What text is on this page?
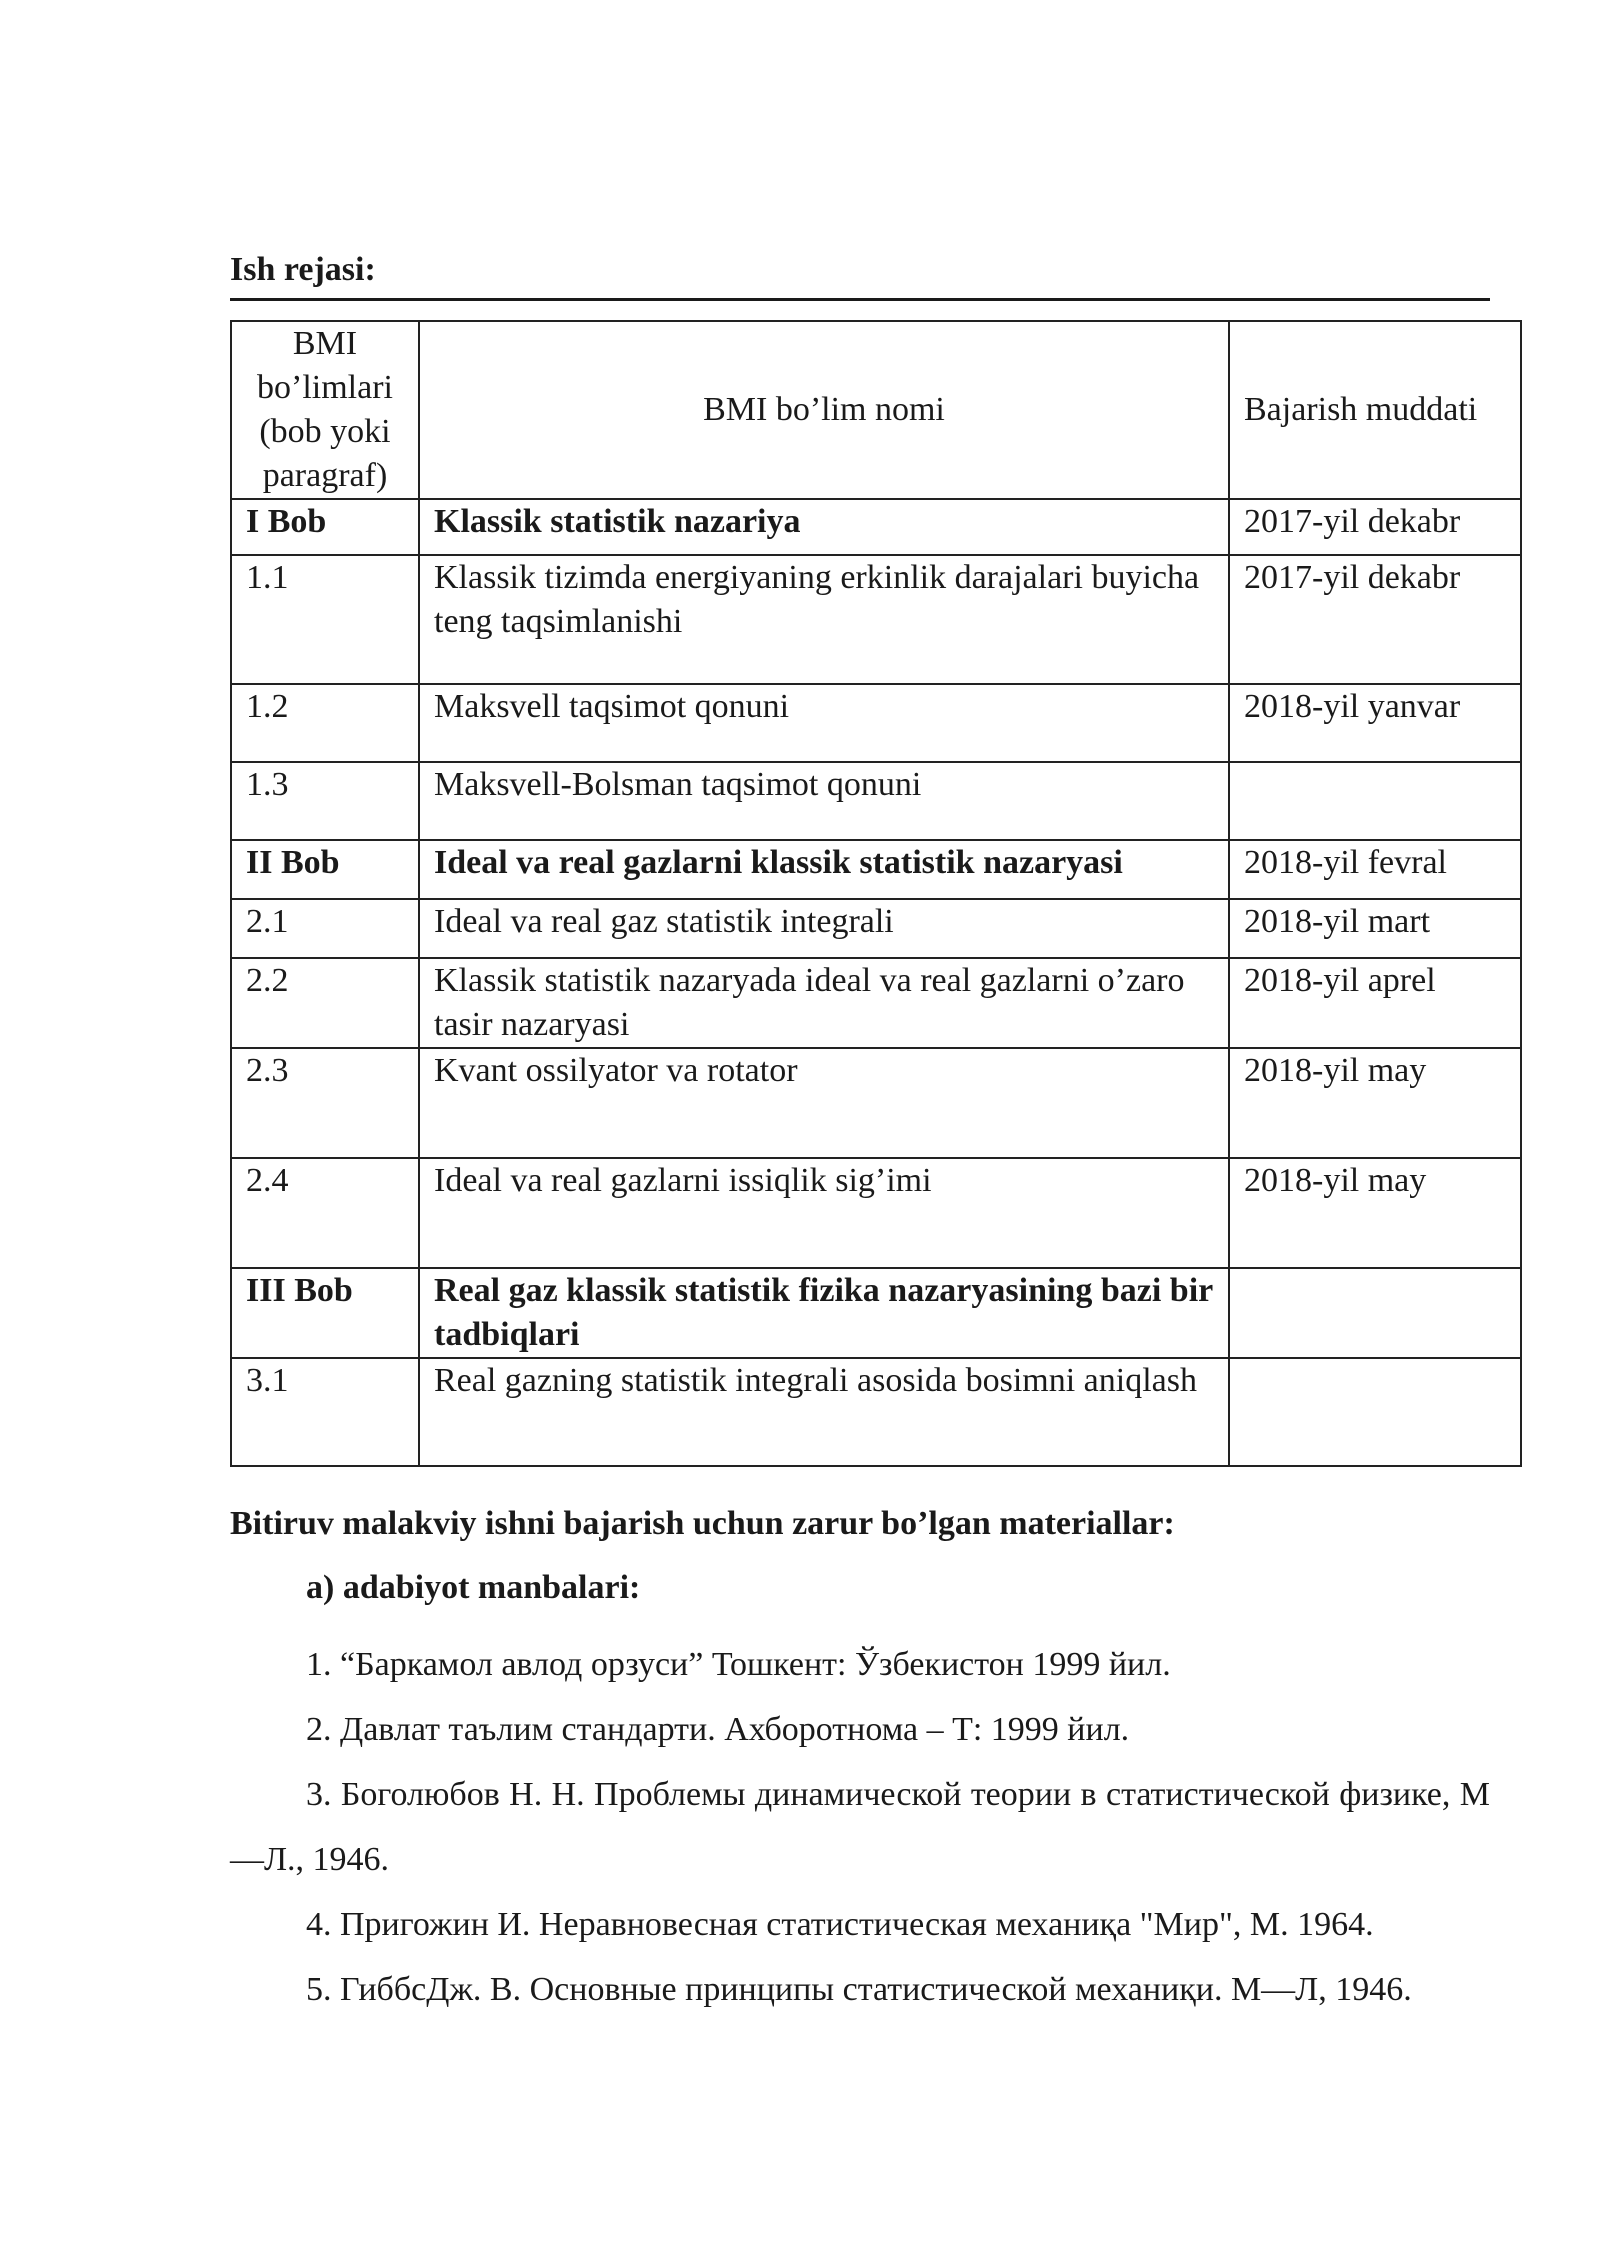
Ish rejasi:
BMI bo’limlari (bob yoki paragraf)	BMI bo’lim nomi	Bajarish muddati
I Bob	Klassik statistik nazariya	2017-yil dekabr
1.1	Klassik tizimda energiyaning erkinlik darajalari buyicha teng taqsimlanishi	2017-yil dekabr
1.2	Maksvell taqsimot qonuni	2018-yil yanvar
1.3	Maksvell-Bolsman taqsimot qonuni	
II Bob	Ideal va real gazlarni klassik statistik nazaryasi	2018-yil fevral
2.1	Ideal va real gaz statistik integrali	2018-yil mart
2.2	Klassik statistik nazaryada ideal va real gazlarni o’zaro tasir nazaryasi	2018-yil aprel
2.3	Kvant ossilyator va rotator	2018-yil may
2.4	Ideal va real gazlarni issiqlik sig’imi	2018-yil may
III Bob	Real gaz klassik statistik fizika nazaryasining bazi bir tadbiqlari	
3.1	Real gazning statistik integrali asosida bosimni aniqlash	
Bitiruv malakviy ishni bajarish uchun zarur bo’lgan materiallar:
a) adabiyot manbalari:

1. “Баркамол авлод орзуси” Тошкент: Ўзбекистон 1999 йил.

2. Давлат таълим стандарти. Ахборотнома – Т: 1999 йил.

3. Боголюбов Н. Н. Проблемы динамической теории в статистической физике, М—Л., 1946.

4. Пригожин И. Неравновесная статистическая механиқа "Мир", М. 1964.

5. ГиббсДж. В. Основные принципы статистической механиқи. М—Л, 1946.
